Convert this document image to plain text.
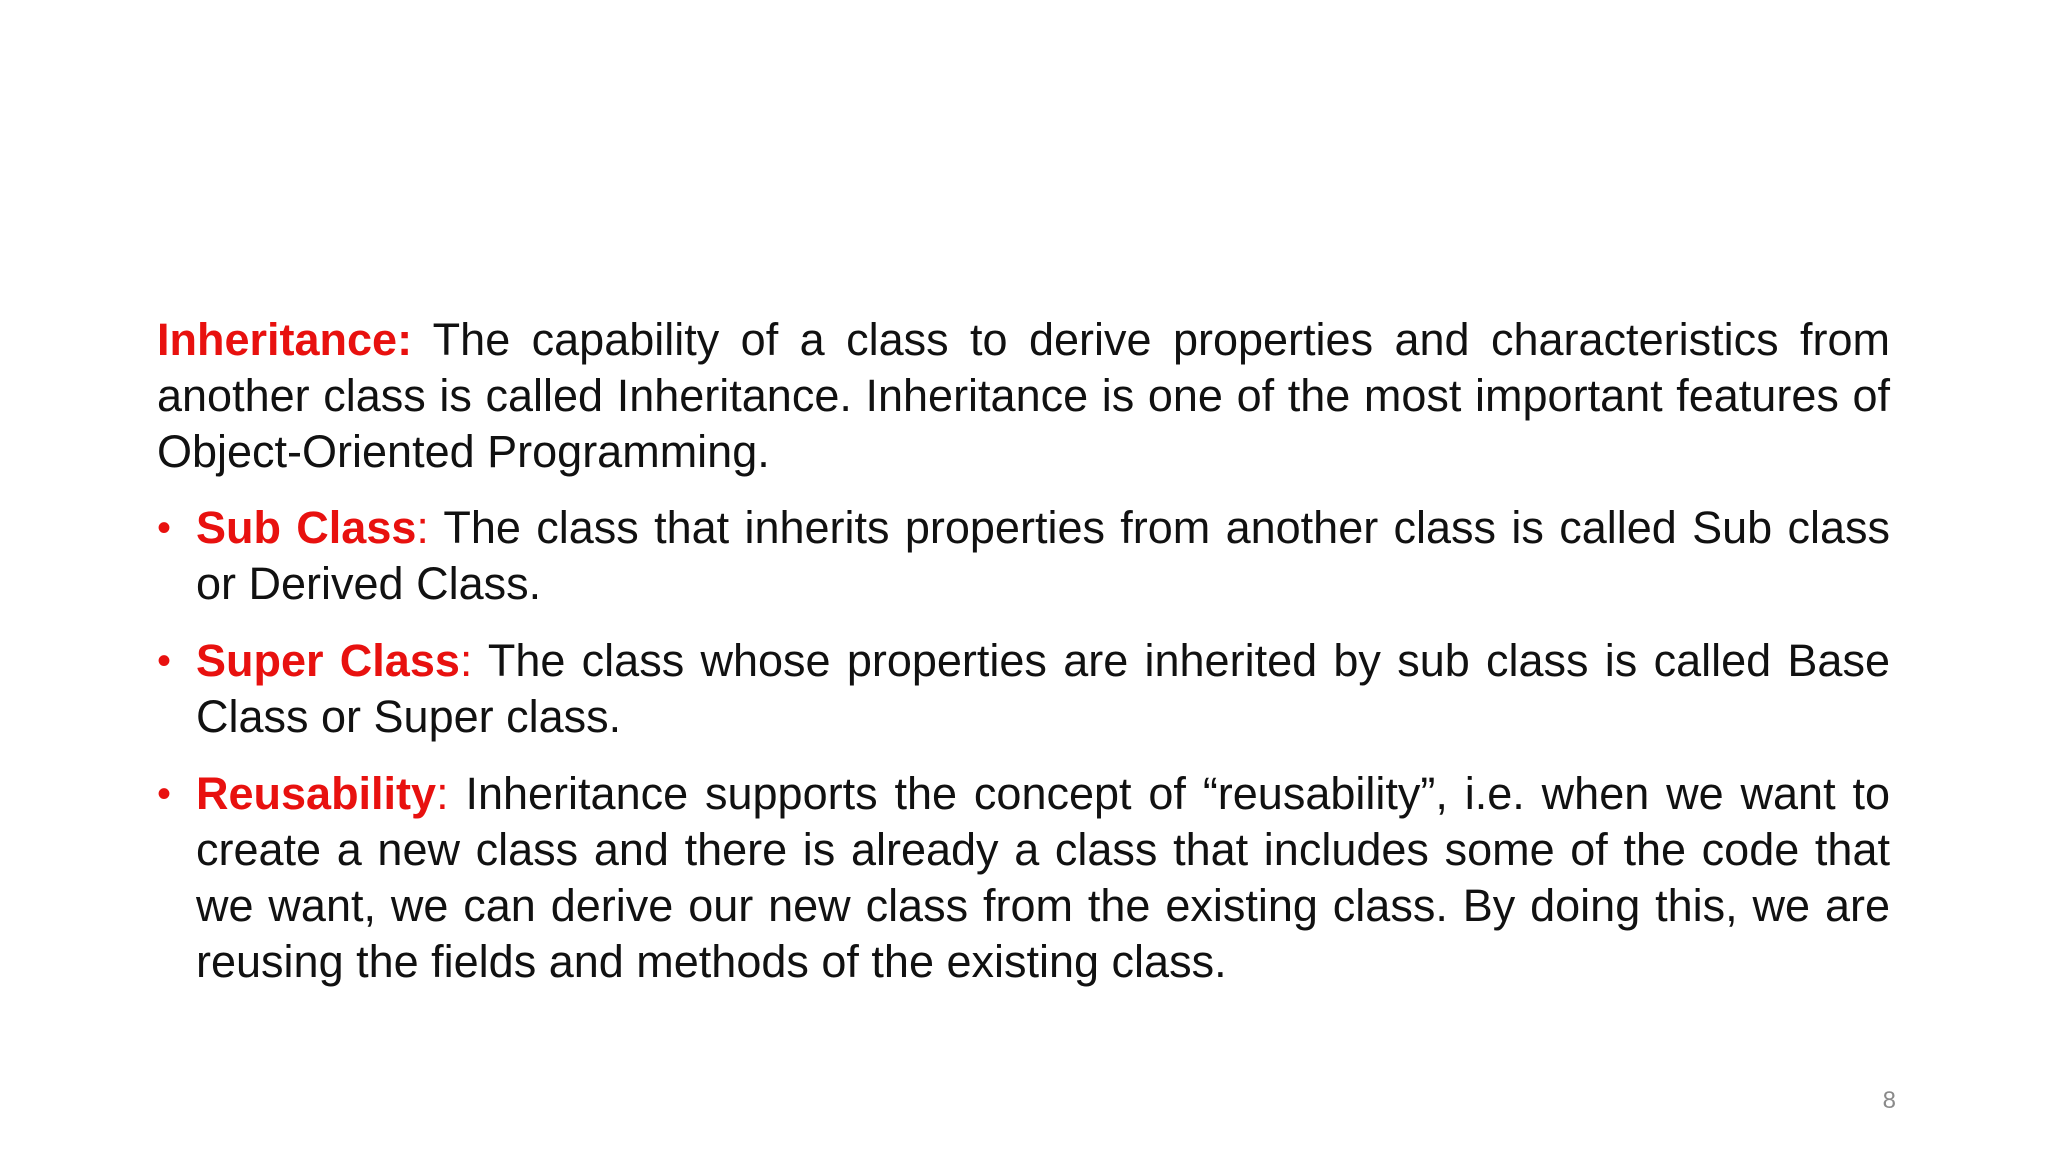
Inheritance: The capability of a class to derive properties and characteristics from another class is called Inheritance. Inheritance is one of the most important features of Object-Oriented Programming.

• Sub Class: The class that inherits properties from another class is called Sub class or Derived Class.
• Super Class: The class whose properties are inherited by sub class is called Base Class or Super class.
• Reusability: Inheritance supports the concept of “reusability”, i.e. when we want to create a new class and there is already a class that includes some of the code that we want, we can derive our new class from the existing class. By doing this, we are reusing the fields and methods of the existing class.
8
